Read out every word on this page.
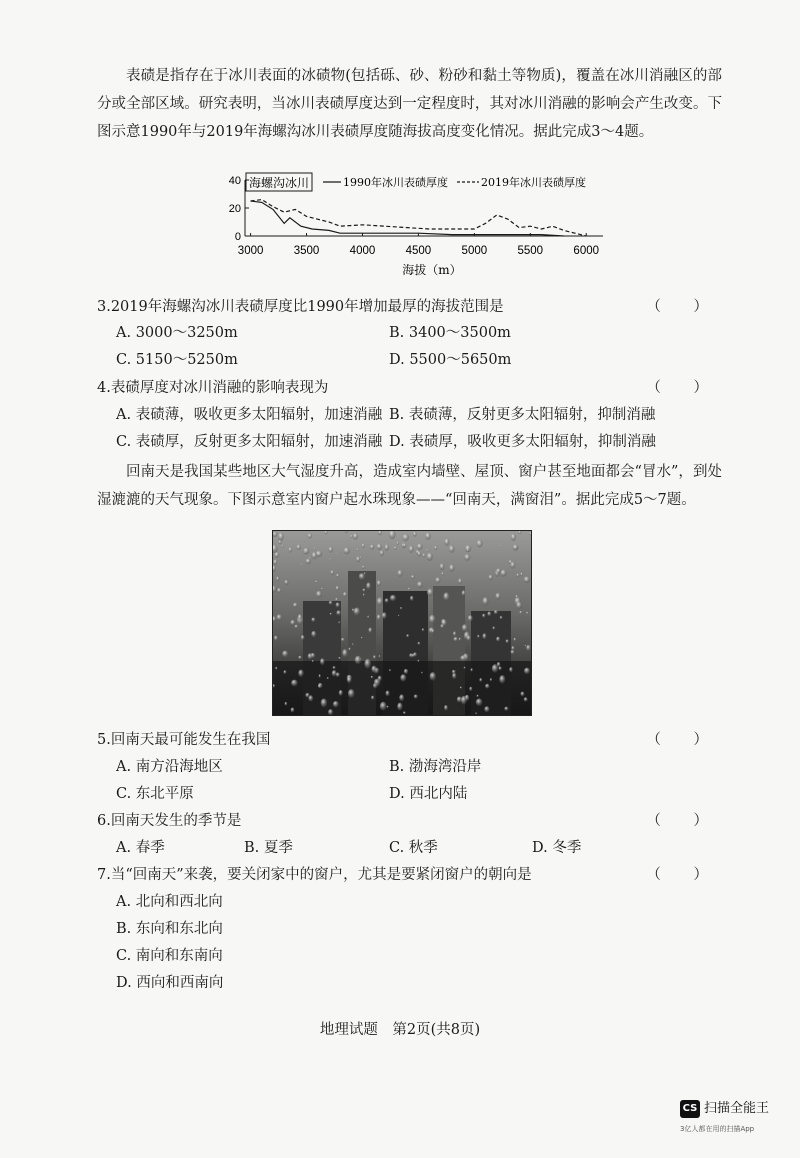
表碛是指存在于冰川表面的冰碛物(包括砾、砂、粉砂和黏土等物质)，覆盖在冰川消融区的部分或全部区域。研究表明，当冰川表碛厚度达到一定程度时，其对冰川消融的影响会产生改变。下图示意1990年与2019年海螺沟冰川表碛厚度随海拔高度变化情况。据此完成3～4题。
0
20
40
3000	3500	4000	4500	5000	5500	6000
海拔（m）
海螺沟冰川	1990年冰川表碛厚度	2019年冰川表碛厚度
3.2019年海螺沟冰川表碛厚度比1990年增加最厚的海拔范围是	（ ）
A. 3000～3250m	B. 3400～3500m
C. 5150～5250m	D. 5500～5650m
4.表碛厚度对冰川消融的影响表现为	（ ）
A. 表碛薄，吸收更多太阳辐射，加速消融 B. 表碛薄，反射更多太阳辐射，抑制消融
C. 表碛厚，反射更多太阳辐射，加速消融 D. 表碛厚，吸收更多太阳辐射，抑制消融
回南天是我国某些地区大气湿度升高，造成室内墙壁、屋顶、窗户甚至地面都会“冒水”，到处湿漉漉的天气现象。下图示意室内窗户起水珠现象——“回南天，满窗泪”。据此完成5～7题。
5.回南天最可能发生在我国	（ ）
A. 南方沿海地区	B. 渤海湾沿岸
C. 东北平原	D. 西北内陆
6.回南天发生的季节是	（ ）
A. 春季	B. 夏季	C. 秋季	D. 冬季
7.当“回南天”来袭，要关闭家中的窗户，尤其是要紧闭窗户的朝向是	（ ）
A. 北向和西北向
B. 东向和东北向
C. 南向和东南向
D. 西向和西南向
地理试题　第2页(共8页)
CS 扫描全能王
3亿人都在用的扫描App
